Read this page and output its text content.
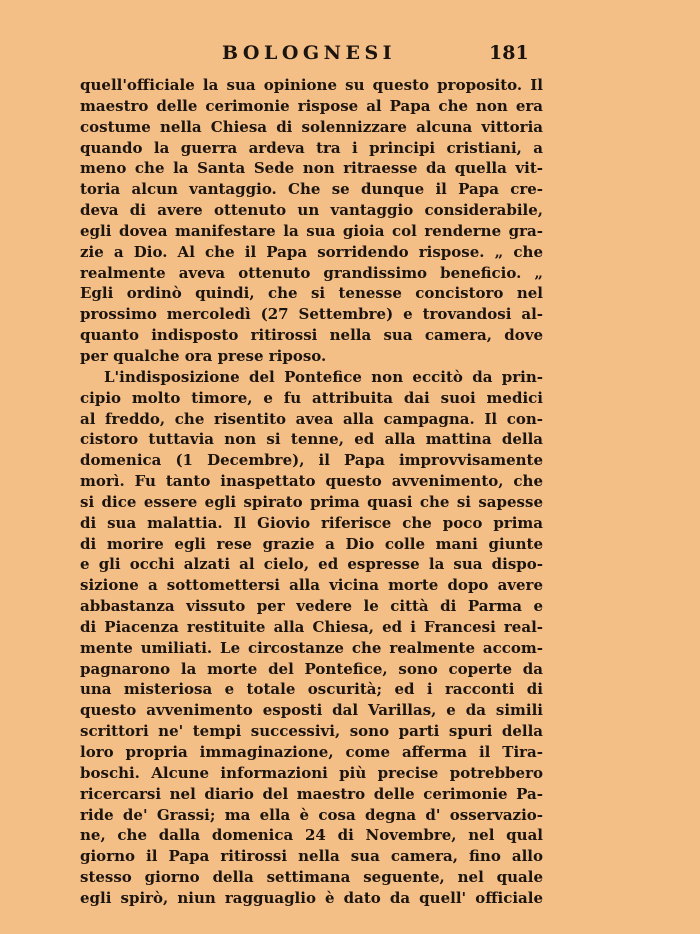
BOLOGNESI	181
quell'officiale la sua opinione su questo proposito. Il
maestro delle cerimonie rispose al Papa che non era
costume nella Chiesa di solennizzare alcuna vittoria
quando la guerra ardeva tra i principi cristiani, a
meno che la Santa Sede non ritraesse da quella vit-
toria alcun vantaggio. Che se dunque il Papa cre-
deva di avere ottenuto un vantaggio considerabile,
egli dovea manifestare la sua gioia col renderne gra-
zie a Dio. Al che il Papa sorridendo rispose. „ che
realmente aveva ottenuto grandissimo beneficio. „
Egli ordinò quindi, che si tenesse concistoro nel
prossimo mercoledì (27 Settembre) e trovandosi al-
quanto indisposto ritirossi nella sua camera, dove
per qualche ora prese riposo.
L'indisposizione del Pontefice non eccitò da prin-
cipio molto timore, e fu attribuita dai suoi medici
al freddo, che risentito avea alla campagna. Il con-
cistoro tuttavia non si tenne, ed alla mattina della
domenica (1 Decembre), il Papa improvvisamente
morì. Fu tanto inaspettato questo avvenimento, che
si dice essere egli spirato prima quasi che si sapesse
di sua malattia. Il Giovio riferisce che poco prima
di morire egli rese grazie a Dio colle mani giunte
e gli occhi alzati al cielo, ed espresse la sua dispo-
sizione a sottomettersi alla vicina morte dopo avere
abbastanza vissuto per vedere le città di Parma e
di Piacenza restituite alla Chiesa, ed i Francesi real-
mente umiliati. Le circostanze che realmente accom-
pagnarono la morte del Pontefice, sono coperte da
una misteriosa e totale oscurità; ed i racconti di
questo avvenimento esposti dal Varillas, e da simili
scrittori ne' tempi successivi, sono parti spuri della
loro propria immaginazione, come afferma il Tira-
boschi. Alcune informazioni più precise potrebbero
ricercarsi nel diario del maestro delle cerimonie Pa-
ride de' Grassi; ma ella è cosa degna d' osservazio-
ne, che dalla domenica 24 di Novembre, nel qual
giorno il Papa ritirossi nella sua camera, fino allo
stesso giorno della settimana seguente, nel quale
egli spirò, niun ragguaglio è dato da quell' officiale
